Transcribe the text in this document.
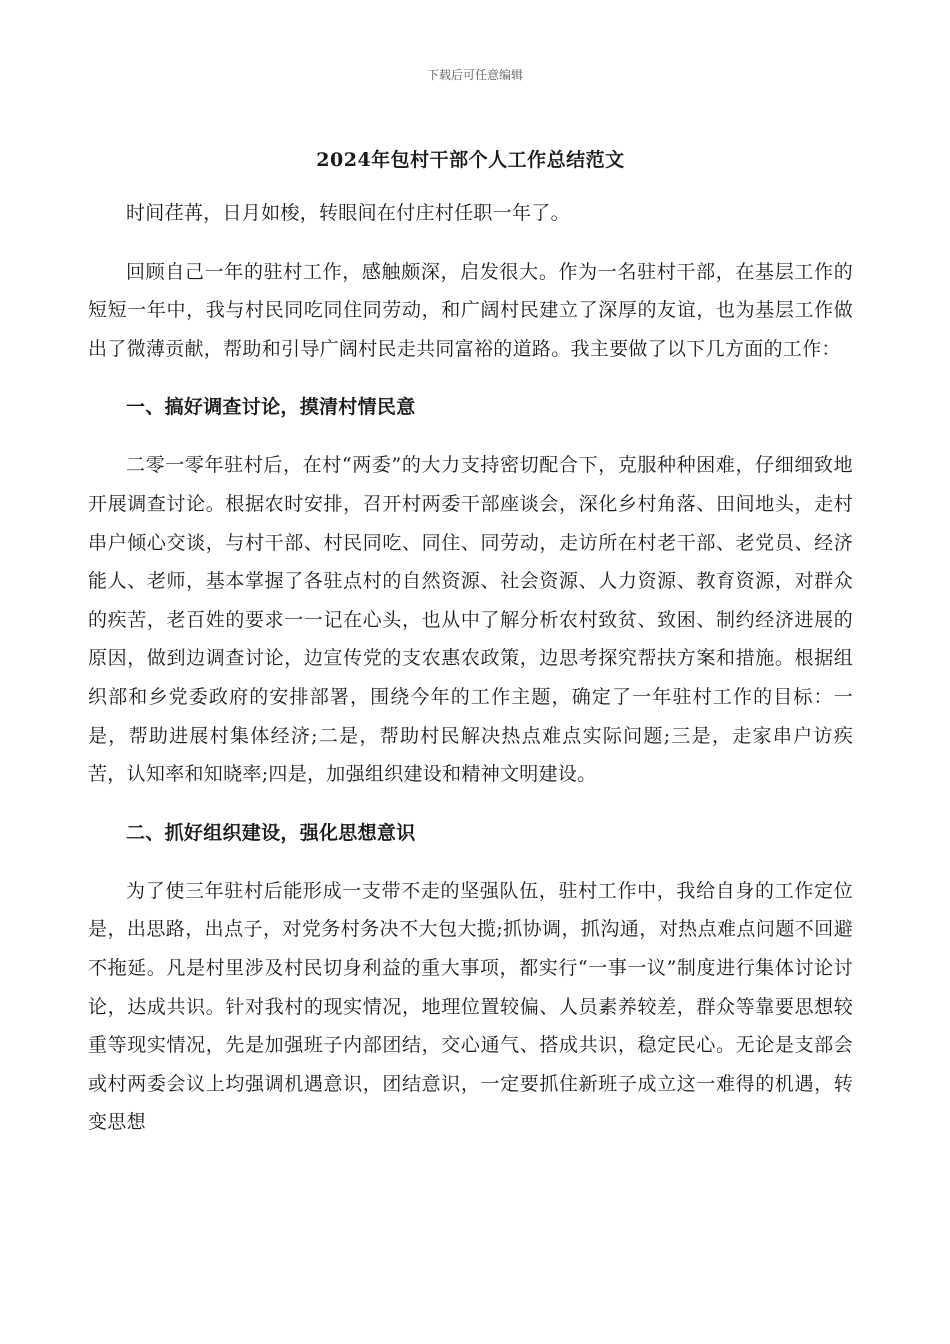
下载后可任意编辑
2024年包村干部个人工作总结范文

时间荏苒，日月如梭，转眼间在付庄村任职一年了。

回顾自己一年的驻村工作，感触颇深，启发很大。作为一名驻村干部，在基层工作的短短一年中，我与村民同吃同住同劳动，和广阔村民建立了深厚的友谊，也为基层工作做出了微薄贡献，帮助和引导广阔村民走共同富裕的道路。我主要做了以下几方面的工作：

一、搞好调查讨论，摸清村情民意

二零一零年驻村后，在村“两委”的大力支持密切配合下，克服种种困难，仔细细致地开展调查讨论。根据农时安排，召开村两委干部座谈会，深化乡村角落、田间地头，走村串户倾心交谈，与村干部、村民同吃、同住、同劳动，走访所在村老干部、老党员、经济能人、老师，基本掌握了各驻点村的自然资源、社会资源、人力资源、教育资源，对群众的疾苦，老百姓的要求一一记在心头，也从中了解分析农村致贫、致困、制约经济进展的原因，做到边调查讨论，边宣传党的支农惠农政策，边思考探究帮扶方案和措施。根据组织部和乡党委政府的安排部署，围绕今年的工作主题，确定了一年驻村工作的目标：一是，帮助进展村集体经济;二是，帮助村民解决热点难点实际问题;三是，走家串户访疾苦，认知率和知晓率;四是，加强组织建设和精神文明建设。

二、抓好组织建设，强化思想意识

为了使三年驻村后能形成一支带不走的坚强队伍，驻村工作中，我给自身的工作定位是，出思路，出点子，对党务村务决不大包大揽;抓协调，抓沟通，对热点难点问题不回避不拖延。凡是村里涉及村民切身利益的重大事项，都实行“一事一议”制度进行集体讨论讨论，达成共识。针对我村的现实情况，地理位置较偏、人员素养较差，群众等靠要思想较重等现实情况，先是加强班子内部团结，交心通气、搭成共识，稳定民心。无论是支部会或村两委会议上均强调机遇意识，团结意识，一定要抓住新班子成立这一难得的机遇，转变思想
